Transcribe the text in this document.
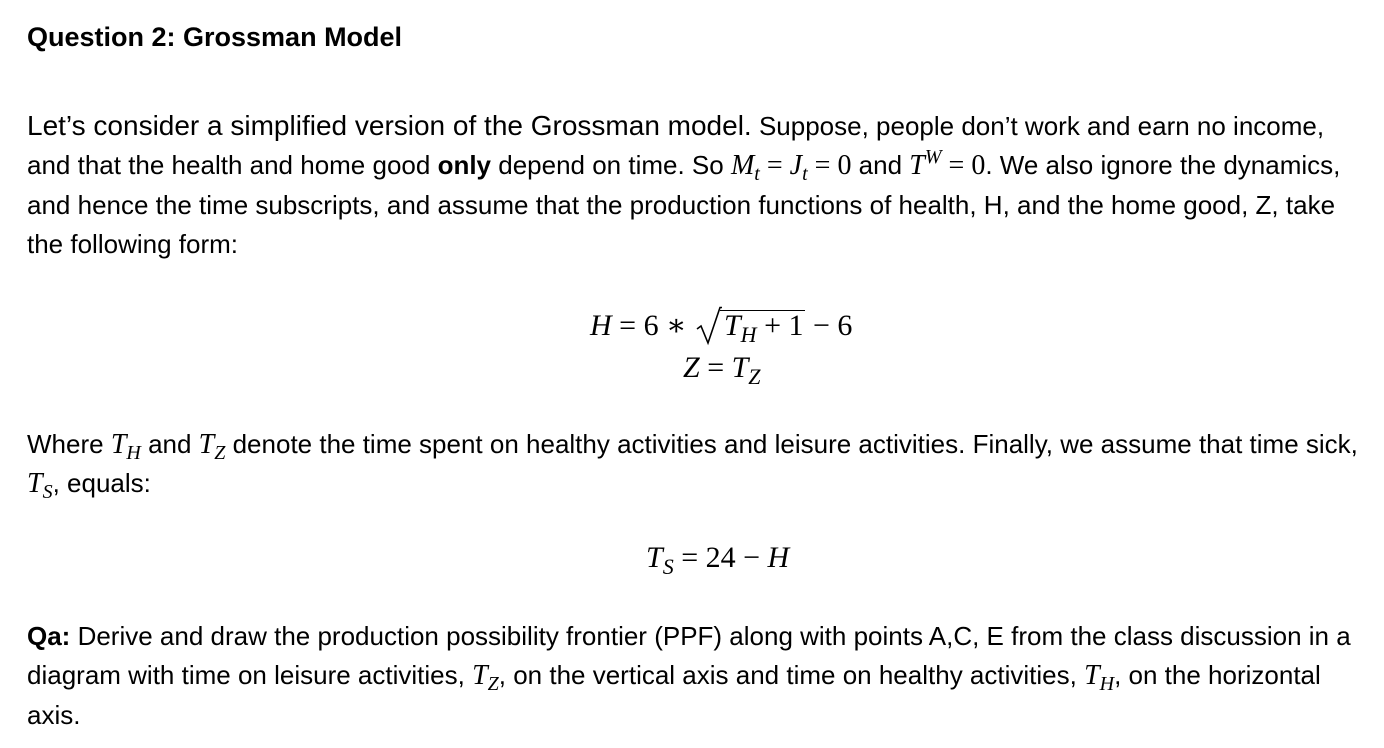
Question 2: Grossman Model

Let’s consider a simplified version of the Grossman model. Suppose, people don’t work and earn no income, and that the health and home good only depend on time. So $M_t = J_t = 0$ and $T^W = 0$. We also ignore the dynamics, and hence the time subscripts, and assume that the production functions of health, H, and the home good, Z, take the following form:

H = 6 ∗
$T_H + 1 - 6$
$Z = T_Z$

Where $T_H$ and $T_Z$ denote the time spent on healthy activities and leisure activities. Finally, we assume that time sick, $T_S$, equals:

$T_S = 24 - H$

Qa: Derive and draw the production possibility frontier (PPF) along with points A,C, E from the class discussion in a diagram with time on leisure activities, $T_Z$, on the vertical axis and time on healthy activities, $T_H$, on the horizontal axis.
